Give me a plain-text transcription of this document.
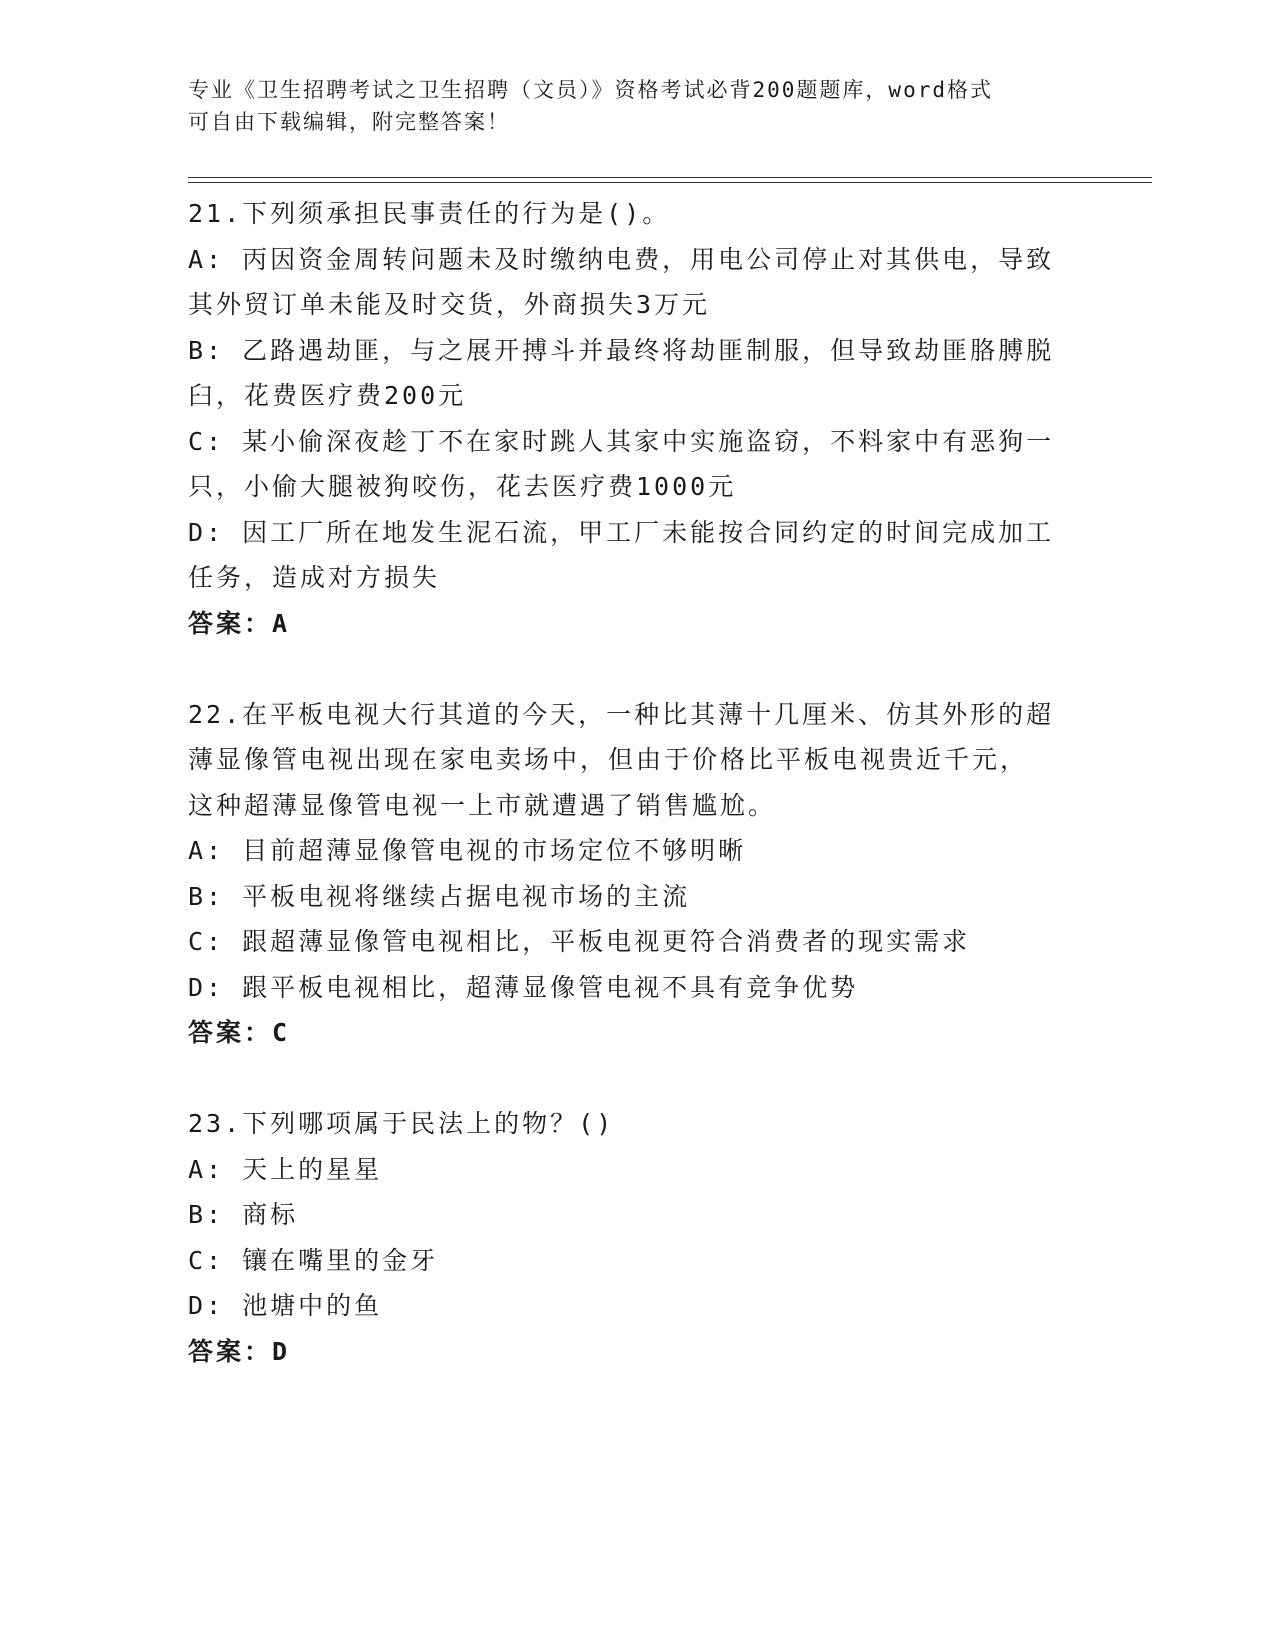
专业《卫生招聘考试之卫生招聘（文员）》资格考试必背200题题库，word格式

可自由下载编辑，附完整答案！

21.下列须承担民事责任的行为是()。

A: 丙因资金周转问题未及时缴纳电费，用电公司停止对其供电，导致

其外贸订单未能及时交货，外商损失3万元

B: 乙路遇劫匪，与之展开搏斗并最终将劫匪制服，但导致劫匪胳膊脱

臼，花费医疗费200元

C: 某小偷深夜趁丁不在家时跳人其家中实施盗窃，不料家中有恶狗一

只，小偷大腿被狗咬伤，花去医疗费1000元

D: 因工厂所在地发生泥石流，甲工厂未能按合同约定的时间完成加工

任务，造成对方损失

答案：A

22.在平板电视大行其道的今天，一种比其薄十几厘米、仿其外形的超

薄显像管电视出现在家电卖场中，但由于价格比平板电视贵近千元，

这种超薄显像管电视一上市就遭遇了销售尴尬。

A: 目前超薄显像管电视的市场定位不够明晰

B: 平板电视将继续占据电视市场的主流

C: 跟超薄显像管电视相比，平板电视更符合消费者的现实需求

D: 跟平板电视相比，超薄显像管电视不具有竞争优势

答案：C

23.下列哪项属于民法上的物？()

A: 天上的星星

B: 商标

C: 镶在嘴里的金牙

D: 池塘中的鱼

答案：D
